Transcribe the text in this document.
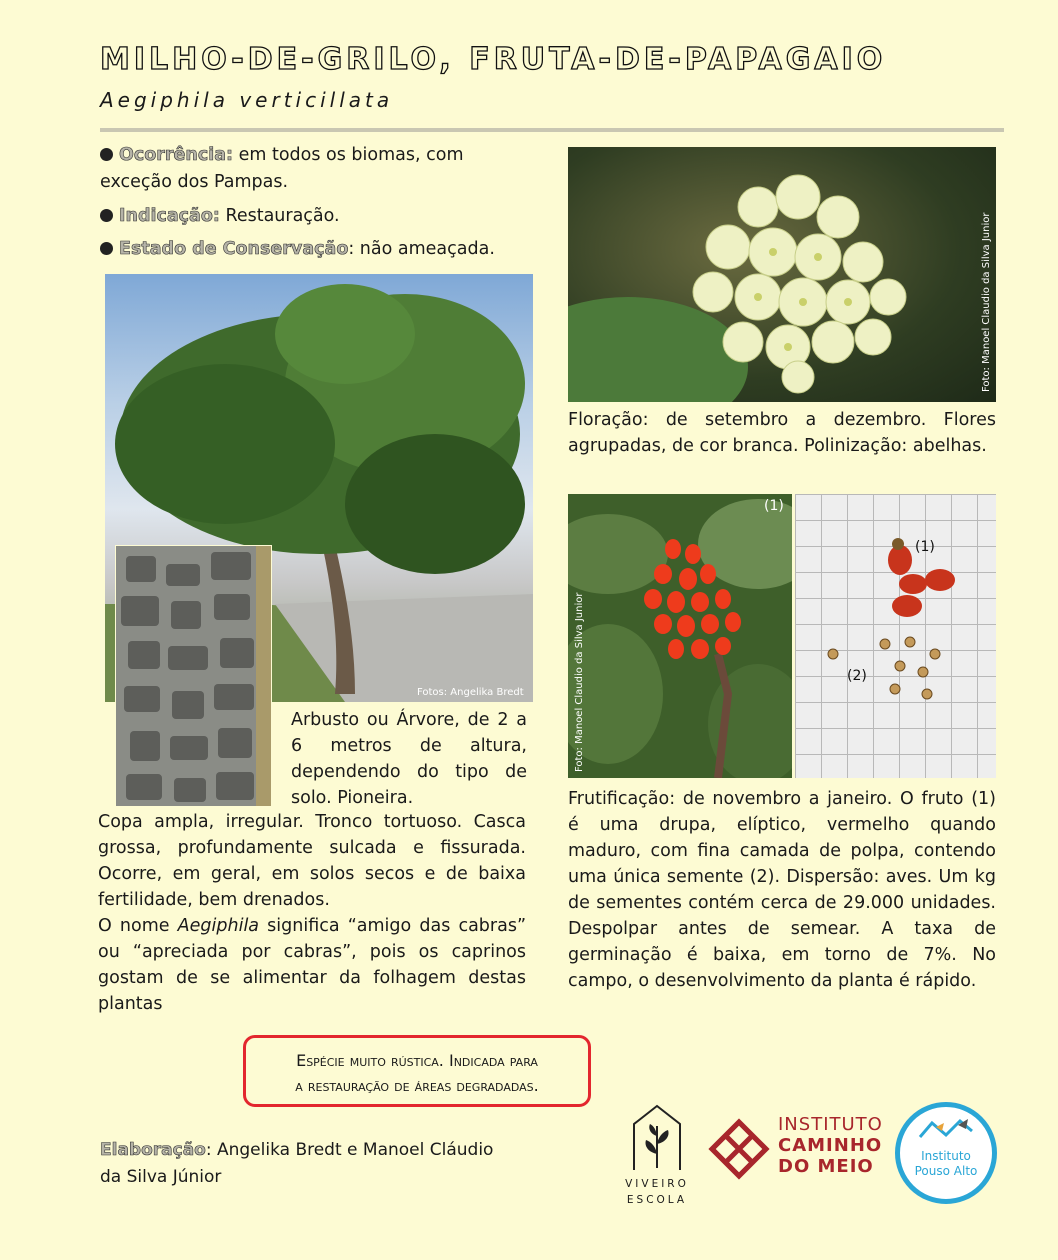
MILHO-DE-GRILO, FRUTA-DE-PAPAGAIO
Aegiphila verticillata
Ocorrência: em todos os biomas, com exceção dos Pampas.
Indicação: Restauração.
Estado de Conservação: não ameaçada.
Fotos: Angelika Bredt
Arbusto ou Árvore, de 2 a 6 metros de altura, dependendo do tipo de solo. Pioneira.

Copa ampla, irregular. Tronco tortuoso. Casca grossa, profundamente sulcada e fissurada. Ocorre, em geral, em solos secos e de baixa fertilidade, bem drenados.

O nome Aegiphila significa “amigo das cabras” ou “apreciada por cabras”, pois os caprinos gostam de se alimentar da folhagem destas plantas

Foto: Manoel Claudio da Silva Junior
Floração: de setembro a dezembro. Flores agrupadas, de cor branca. Polinização: abelhas.
Foto: Manoel Claudio da Silva Junior
(1)
(1)
(2)
Frutificação: de novembro a janeiro. O fruto (1) é uma drupa, elíptico, vermelho quando maduro, com fina camada de polpa, contendo uma única semente (2). Dispersão: aves. Um kg de sementes contém cerca de 29.000 unidades. Despolpar antes de semear. A taxa de germinação é baixa, em torno de 7%. No campo, o desenvolvimento da planta é rápido.
Espécie muito rústica. Indicada para
a restauração de áreas degradadas.
Elaboração: Angelika Bredt e Manoel Cláudio da Silva Júnior	VIVEIRO
ESCOLA
INSTITUTO
CAMINHO
DO MEIO	Instituto
Pouso Alto
